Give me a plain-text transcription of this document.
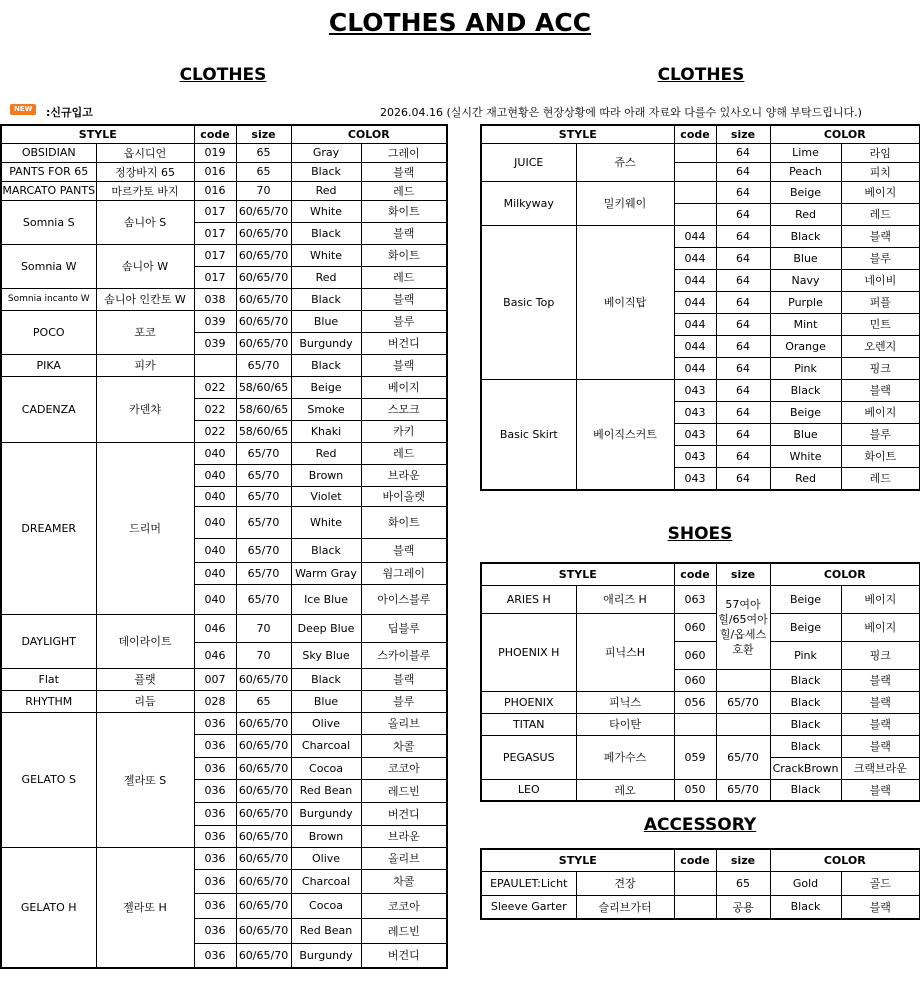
CLOTHES AND ACC
CLOTHES	CLOTHES
SHOES
ACCESSORY
NEW	:신규입고	2026.04.16 (실시간 재고현황은 현장상황에 따라 아래 자료와 다를수 있사오니 양해 부탁드립니다.)
STYLE		code	size	COLOR	
OBSIDIAN	옵시디언	019	65	Gray	그레이
PANTS FOR 65	정장바지 65	016	65	Black	블랙
MARCATO PANTS	마르카토 바지	016	70	Red	레드
Somnia S	솜니아 S	017	60/65/70	White	화이트
		017	60/65/70	Black	블랙
Somnia W	솜니아 W	017	60/65/70	White	화이트
		017	60/65/70	Red	레드
Somnia incanto W	솜니아 인칸토 W	038	60/65/70	Black	블랙
POCO	포코	039	60/65/70	Blue	블루
		039	60/65/70	Burgundy	버건디
PIKA	피카		65/70	Black	블랙
CADENZA	카덴챠	022	58/60/65	Beige	베이지
		022	58/60/65	Smoke	스모크
		022	58/60/65	Khaki	카키
DREAMER	드리머	040	65/70	Red	레드
		040	65/70	Brown	브라운
		040	65/70	Violet	바이올렛
		040	65/70	White	화이트
		040	65/70	Black	블랙
		040	65/70	Warm Gray	웜그레이
		040	65/70	Ice Blue	아이스블루
DAYLIGHT	데이라이트	046	70	Deep Blue	딥블루
		046	70	Sky Blue	스카이블루
Flat	플랫	007	60/65/70	Black	블랙
RHYTHM	리듬	028	65	Blue	블루
GELATO S	젤라또 S	036	60/65/70	Olive	올리브
		036	60/65/70	Charcoal	차콜
		036	60/65/70	Cocoa	코코아
		036	60/65/70	Red Bean	레드빈
		036	60/65/70	Burgundy	버건디
		036	60/65/70	Brown	브라운
GELATO H	젤라또 H	036	60/65/70	Olive	올리브
		036	60/65/70	Charcoal	차콜
		036	60/65/70	Cocoa	코코아
		036	60/65/70	Red Bean	레드빈
		036	60/65/70	Burgundy	버건디
STYLE		code	size	COLOR	
JUICE	쥬스		64	Lime	라임
			64	Peach	피치
Milkyway	밀키웨이		64	Beige	베이지
			64	Red	레드
Basic Top	베이직탑	044	64	Black	블랙
		044	64	Blue	블루
		044	64	Navy	네이비
		044	64	Purple	퍼플
		044	64	Mint	민트
		044	64	Orange	오렌지
		044	64	Pink	핑크
Basic Skirt	베이직스커트	043	64	Black	블랙
		043	64	Beige	베이지
		043	64	Blue	블루
		043	64	White	화이트
		043	64	Red	레드
STYLE		code	size	COLOR	
ARIES H	애리즈 H	063	57여아힐/65여아힐/옵세스호환	Beige	베이지
PHOENIX H	피닉스H	060		Beige	베이지
		060		Pink	핑크
		060		Black	블랙
PHOENIX	피닉스	056	65/70	Black	블랙
TITAN	타이탄			Black	블랙
PEGASUS	페가수스	059	65/70	Black	블랙
				CrackBrown	크랙브라운
LEO	레오	050	65/70	Black	블랙
STYLE		code	size	COLOR	
EPAULET:Licht	견장		65	Gold	골드
Sleeve Garter	슬리브가터		공용	Black	블랙
